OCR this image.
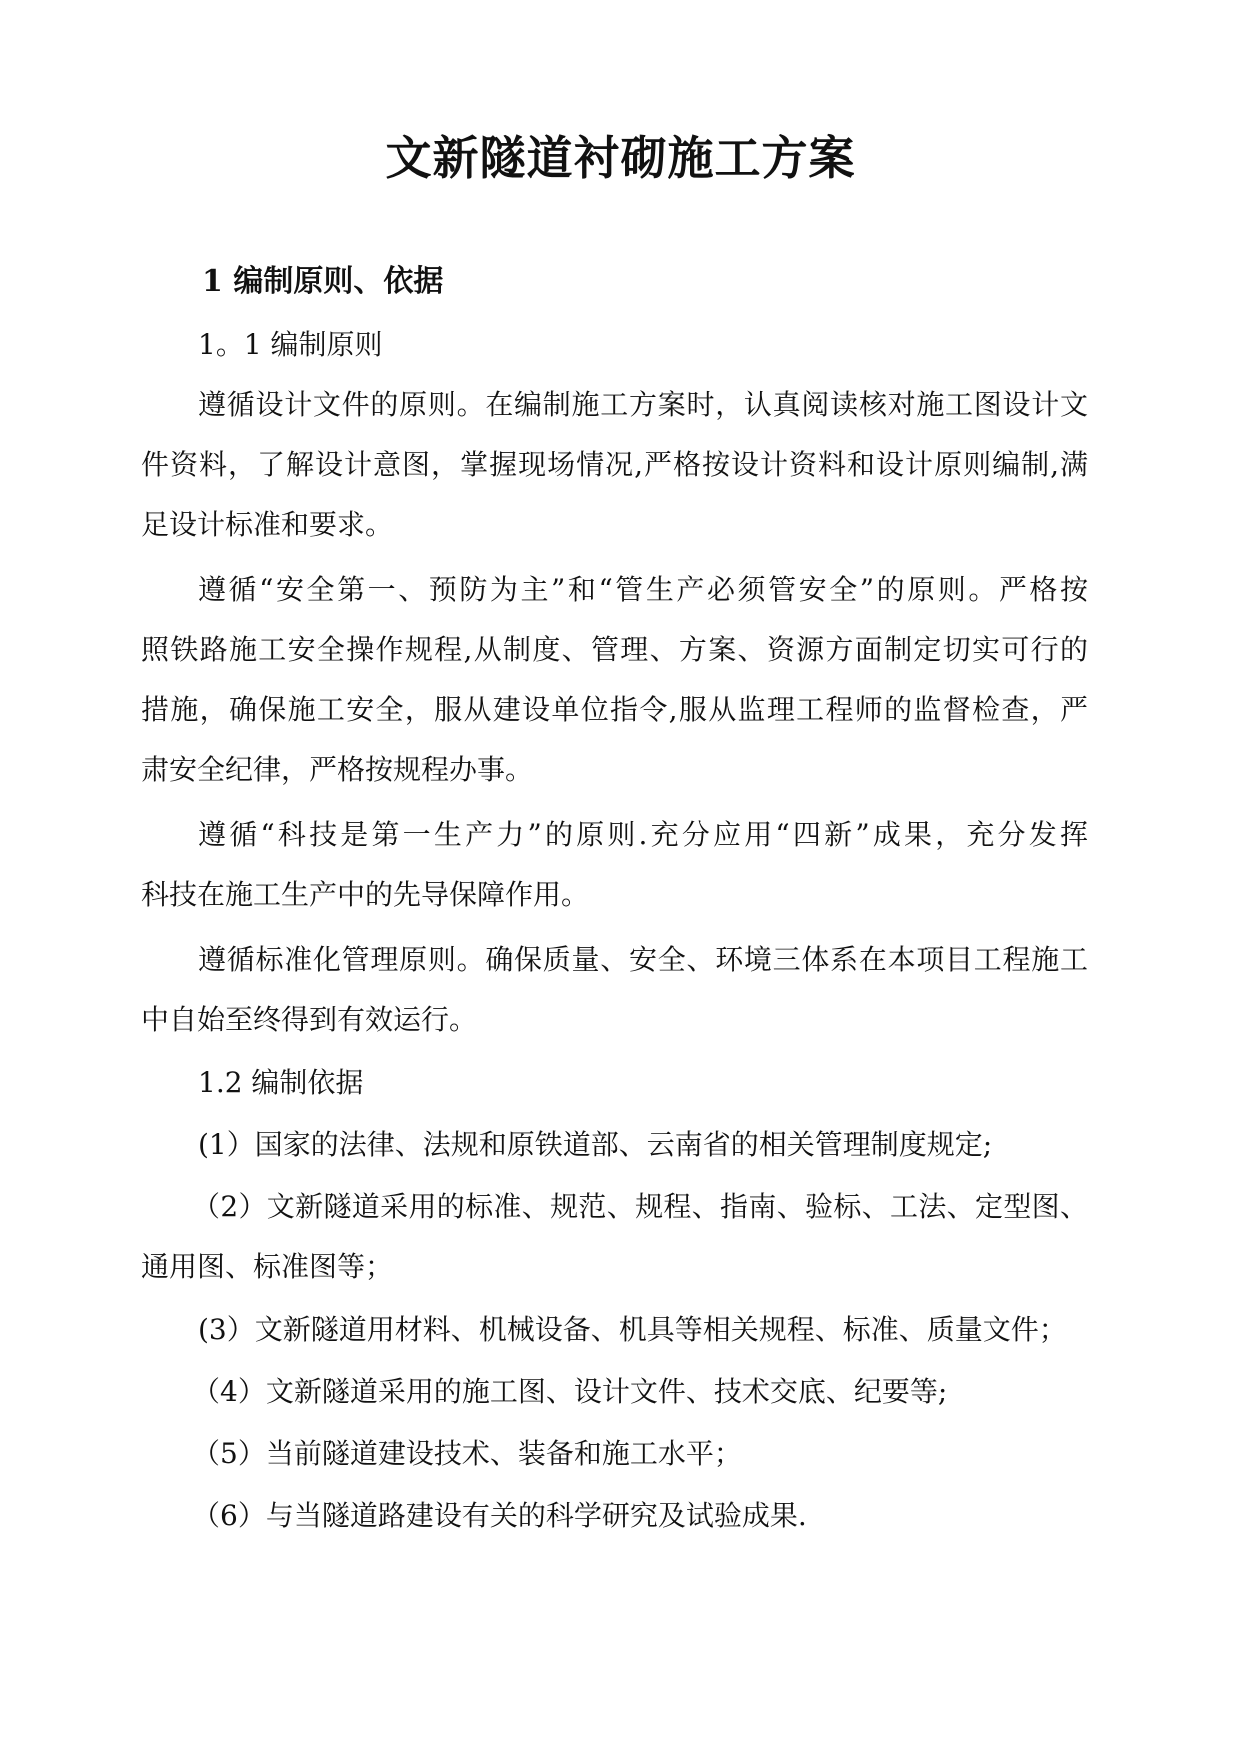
文新隧道衬砌施工方案
1 编制原则、依据
1。1 编制原则
遵循设计文件的原则。在编制施工方案时，认真阅读核对施工图设计文
件资料，了解设计意图，掌握现场情况,严格按设计资料和设计原则编制,满
足设计标准和要求。
遵循“安全第一、预防为主”和“管生产必须管安全”的原则。严格按
照铁路施工安全操作规程,从制度、管理、方案、资源方面制定切实可行的
措施，确保施工安全，服从建设单位指令,服从监理工程师的监督检查，严
肃安全纪律，严格按规程办事。
遵循“科技是第一生产力”的原则.充分应用“四新”成果，充分发挥
科技在施工生产中的先导保障作用。
遵循标准化管理原则。确保质量、安全、环境三体系在本项目工程施工
中自始至终得到有效运行。
1.2 编制依据
(1）国家的法律、法规和原铁道部、云南省的相关管理制度规定;
（2）文新隧道采用的标准、规范、规程、指南、验标、工法、定型图、
通用图、标准图等；
(3）文新隧道用材料、机械设备、机具等相关规程、标准、质量文件；
（4）文新隧道采用的施工图、设计文件、技术交底、纪要等;
（5）当前隧道建设技术、装备和施工水平；
（6）与当隧道路建设有关的科学研究及试验成果.
